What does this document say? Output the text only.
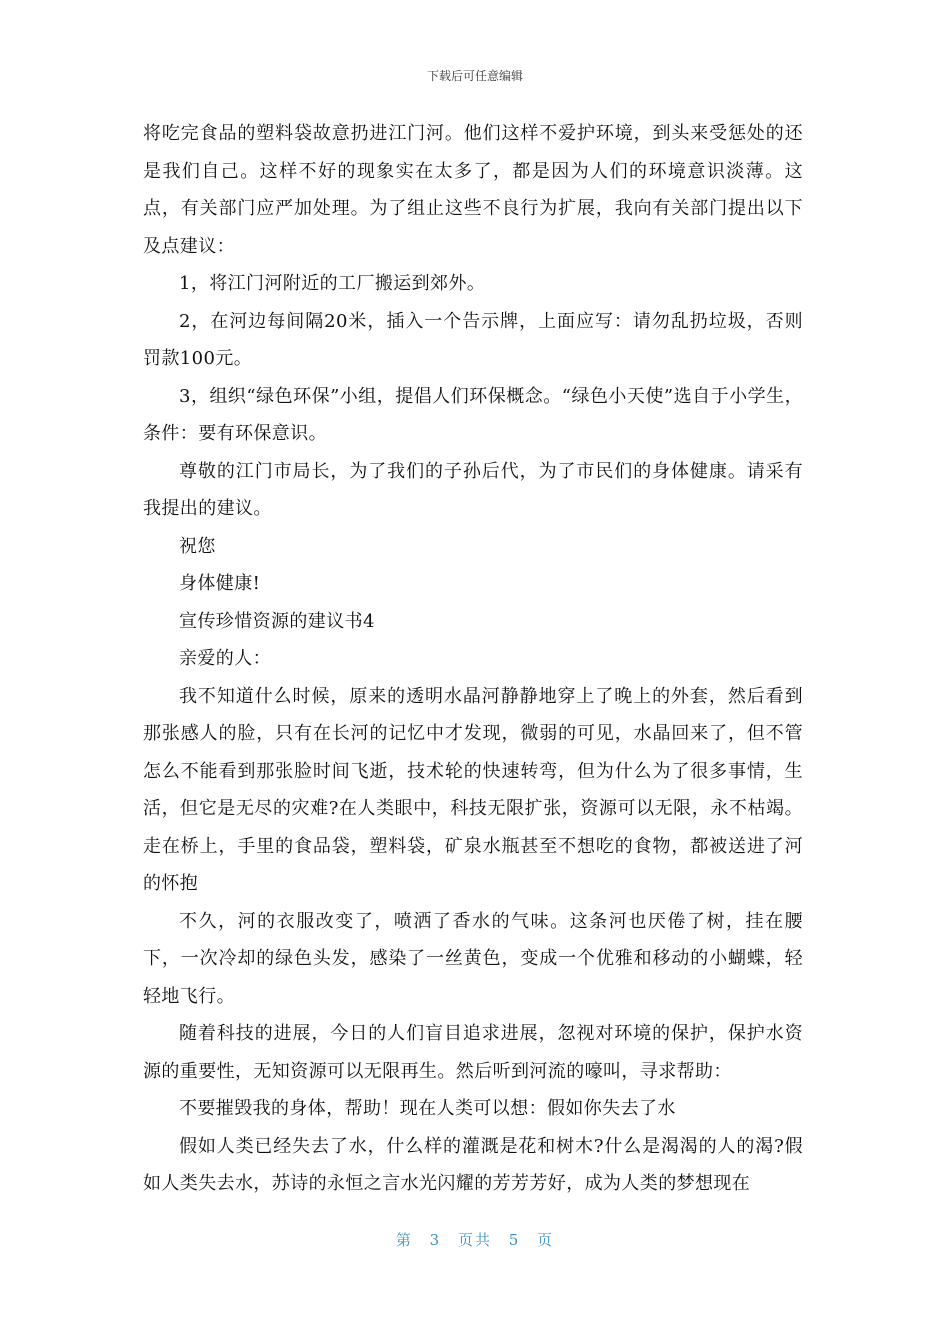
下载后可任意编辑

将吃完食品的塑料袋故意扔进江门河。他们这样不爱护环境，到头来受惩处的还是我们自己。这样不好的现象实在太多了，都是因为人们的环境意识淡薄。这点，有关部门应严加处理。为了组止这些不良行为扩展，我向有关部门提出以下及点建议：

1，将江门河附近的工厂搬运到郊外。

2，在河边每间隔20米，插入一个告示牌，上面应写：请勿乱扔垃圾，否则罚款100元。

3，组织“绿色环保”小组，提倡人们环保概念。“绿色小天使”选自于小学生，条件：要有环保意识。

尊敬的江门市局长，为了我们的子孙后代，为了市民们的身体健康。请采有我提出的建议。

祝您

身体健康!

宣传珍惜资源的建议书4

亲爱的人：

我不知道什么时候，原来的透明水晶河静静地穿上了晚上的外套，然后看到那张感人的脸，只有在长河的记忆中才发现，微弱的可见，水晶回来了，但不管怎么不能看到那张脸时间飞逝，技术轮的快速转弯，但为什么为了很多事情，生活，但它是无尽的灾难?在人类眼中，科技无限扩张，资源可以无限，永不枯竭。走在桥上，手里的食品袋，塑料袋，矿泉水瓶甚至不想吃的食物，都被送进了河的怀抱

不久，河的衣服改变了，喷洒了香水的气味。这条河也厌倦了树，挂在腰下，一次冷却的绿色头发，感染了一丝黄色，变成一个优雅和移动的小蝴蝶，轻轻地飞行。

随着科技的进展，今日的人们盲目追求进展，忽视对环境的保护，保护水资源的重要性，无知资源可以无限再生。然后听到河流的嚎叫，寻求帮助：

不要摧毁我的身体，帮助！现在人类可以想：假如你失去了水

假如人类已经失去了水，什么样的灌溉是花和树木?什么是渴渴的人的渴?假如人类失去水，苏诗的永恒之言水光闪耀的芳芳芳好，成为人类的梦想现在

第 3 页共 5 页
